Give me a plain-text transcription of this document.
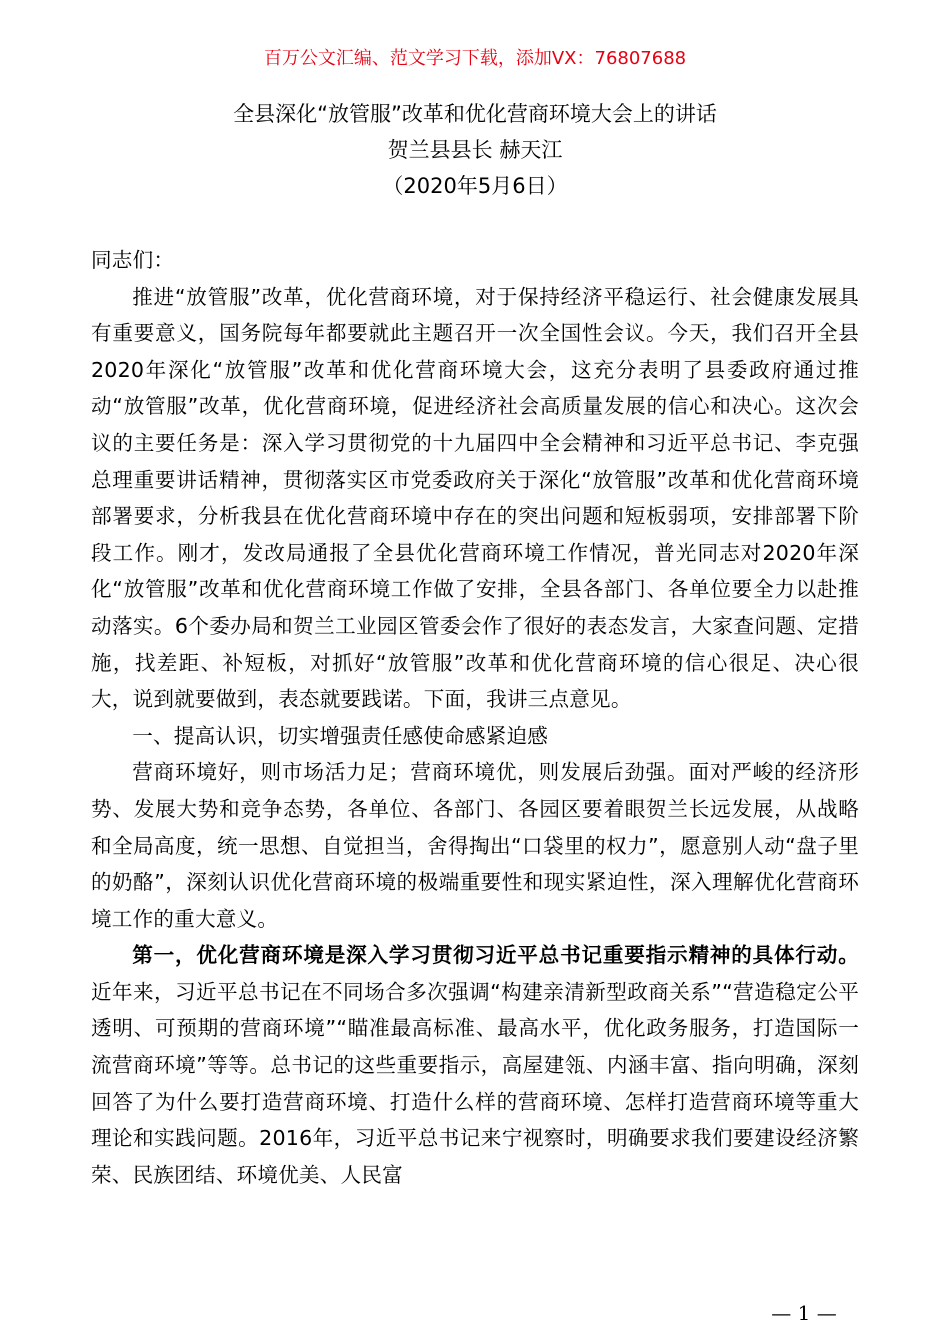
百万公文汇编、范文学习下载，添加VX：76807688
全县深化“放管服”改革和优化营商环境大会上的讲话
贺兰县县长 赫天江
（2020年5月6日）

同志们：

推进“放管服”改革，优化营商环境，对于保持经济平稳运行、社会健康发展具有重要意义，国务院每年都要就此主题召开一次全国性会议。今天，我们召开全县2020年深化“放管服”改革和优化营商环境大会，这充分表明了县委政府通过推动“放管服”改革，优化营商环境，促进经济社会高质量发展的信心和决心。这次会议的主要任务是：深入学习贯彻党的十九届四中全会精神和习近平总书记、李克强总理重要讲话精神，贯彻落实区市党委政府关于深化“放管服”改革和优化营商环境部署要求，分析我县在优化营商环境中存在的突出问题和短板弱项，安排部署下阶段工作。刚才，发改局通报了全县优化营商环境工作情况，普光同志对2020年深化“放管服”改革和优化营商环境工作做了安排，全县各部门、各单位要全力以赴推动落实。6个委办局和贺兰工业园区管委会作了很好的表态发言，大家查问题、定措施，找差距、补短板，对抓好“放管服”改革和优化营商环境的信心很足、决心很大，说到就要做到，表态就要践诺。下面，我讲三点意见。

一、提高认识，切实增强责任感使命感紧迫感

营商环境好，则市场活力足；营商环境优，则发展后劲强。面对严峻的经济形势、发展大势和竞争态势，各单位、各部门、各园区要着眼贺兰长远发展，从战略和全局高度，统一思想、自觉担当，舍得掏出“口袋里的权力”，愿意别人动“盘子里的奶酪”，深刻认识优化营商环境的极端重要性和现实紧迫性，深入理解优化营商环境工作的重大意义。

第一，优化营商环境是深入学习贯彻习近平总书记重要指示精神的具体行动。近年来，习近平总书记在不同场合多次强调“构建亲清新型政商关系”“营造稳定公平透明、可预期的营商环境”“瞄准最高标准、最高水平，优化政务服务，打造国际一流营商环境”等等。总书记的这些重要指示，高屋建瓴、内涵丰富、指向明确，深刻回答了为什么要打造营商环境、打造什么样的营商环境、怎样打造营商环境等重大理论和实践问题。2016年，习近平总书记来宁视察时，明确要求我们要建设经济繁荣、民族团结、环境优美、人民富

— 1 —
